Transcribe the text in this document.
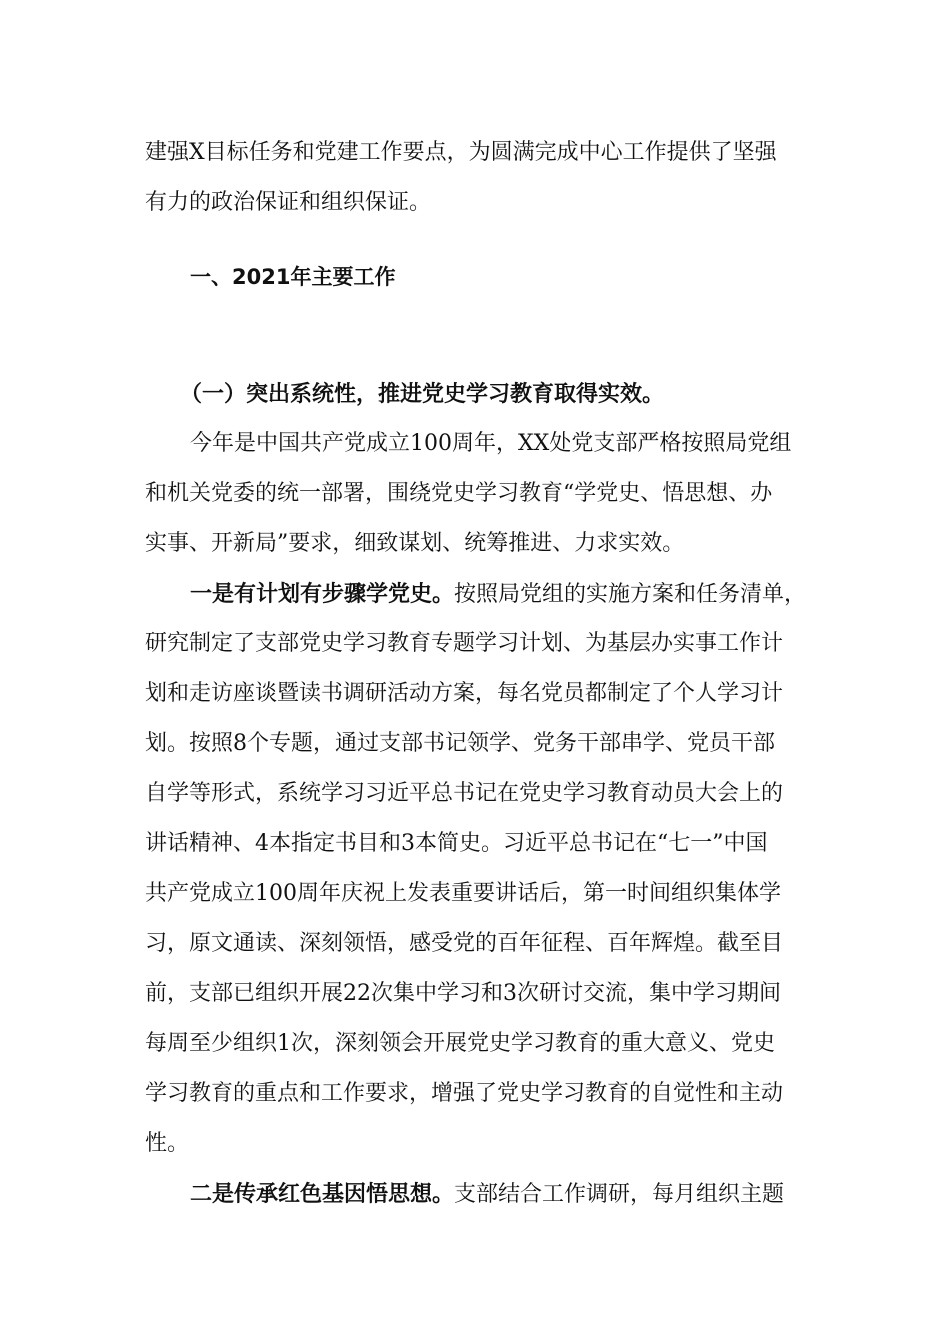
建强X目标任务和党建工作要点，为圆满完成中心工作提供了坚强
有力的政治保证和组织保证。
一、2021年主要工作
（一）突出系统性，推进党史学习教育取得实效。
今年是中国共产党成立100周年，XX处党支部严格按照局党组
和机关党委的统一部署，围绕党史学习教育“学党史、悟思想、办
实事、开新局”要求，细致谋划、统筹推进、力求实效。
一是有计划有步骤学党史。按照局党组的实施方案和任务清单，
研究制定了支部党史学习教育专题学习计划、为基层办实事工作计
划和走访座谈暨读书调研活动方案，每名党员都制定了个人学习计
划。按照8个专题，通过支部书记领学、党务干部串学、党员干部
自学等形式，系统学习习近平总书记在党史学习教育动员大会上的
讲话精神、4本指定书目和3本简史。习近平总书记在“七一”中国
共产党成立100周年庆祝上发表重要讲话后，第一时间组织集体学
习，原文通读、深刻领悟，感受党的百年征程、百年辉煌。截至目
前，支部已组织开展22次集中学习和3次研讨交流，集中学习期间
每周至少组织1次，深刻领会开展党史学习教育的重大意义、党史
学习教育的重点和工作要求，增强了党史学习教育的自觉性和主动
性。
二是传承红色基因悟思想。支部结合工作调研，每月组织主题
